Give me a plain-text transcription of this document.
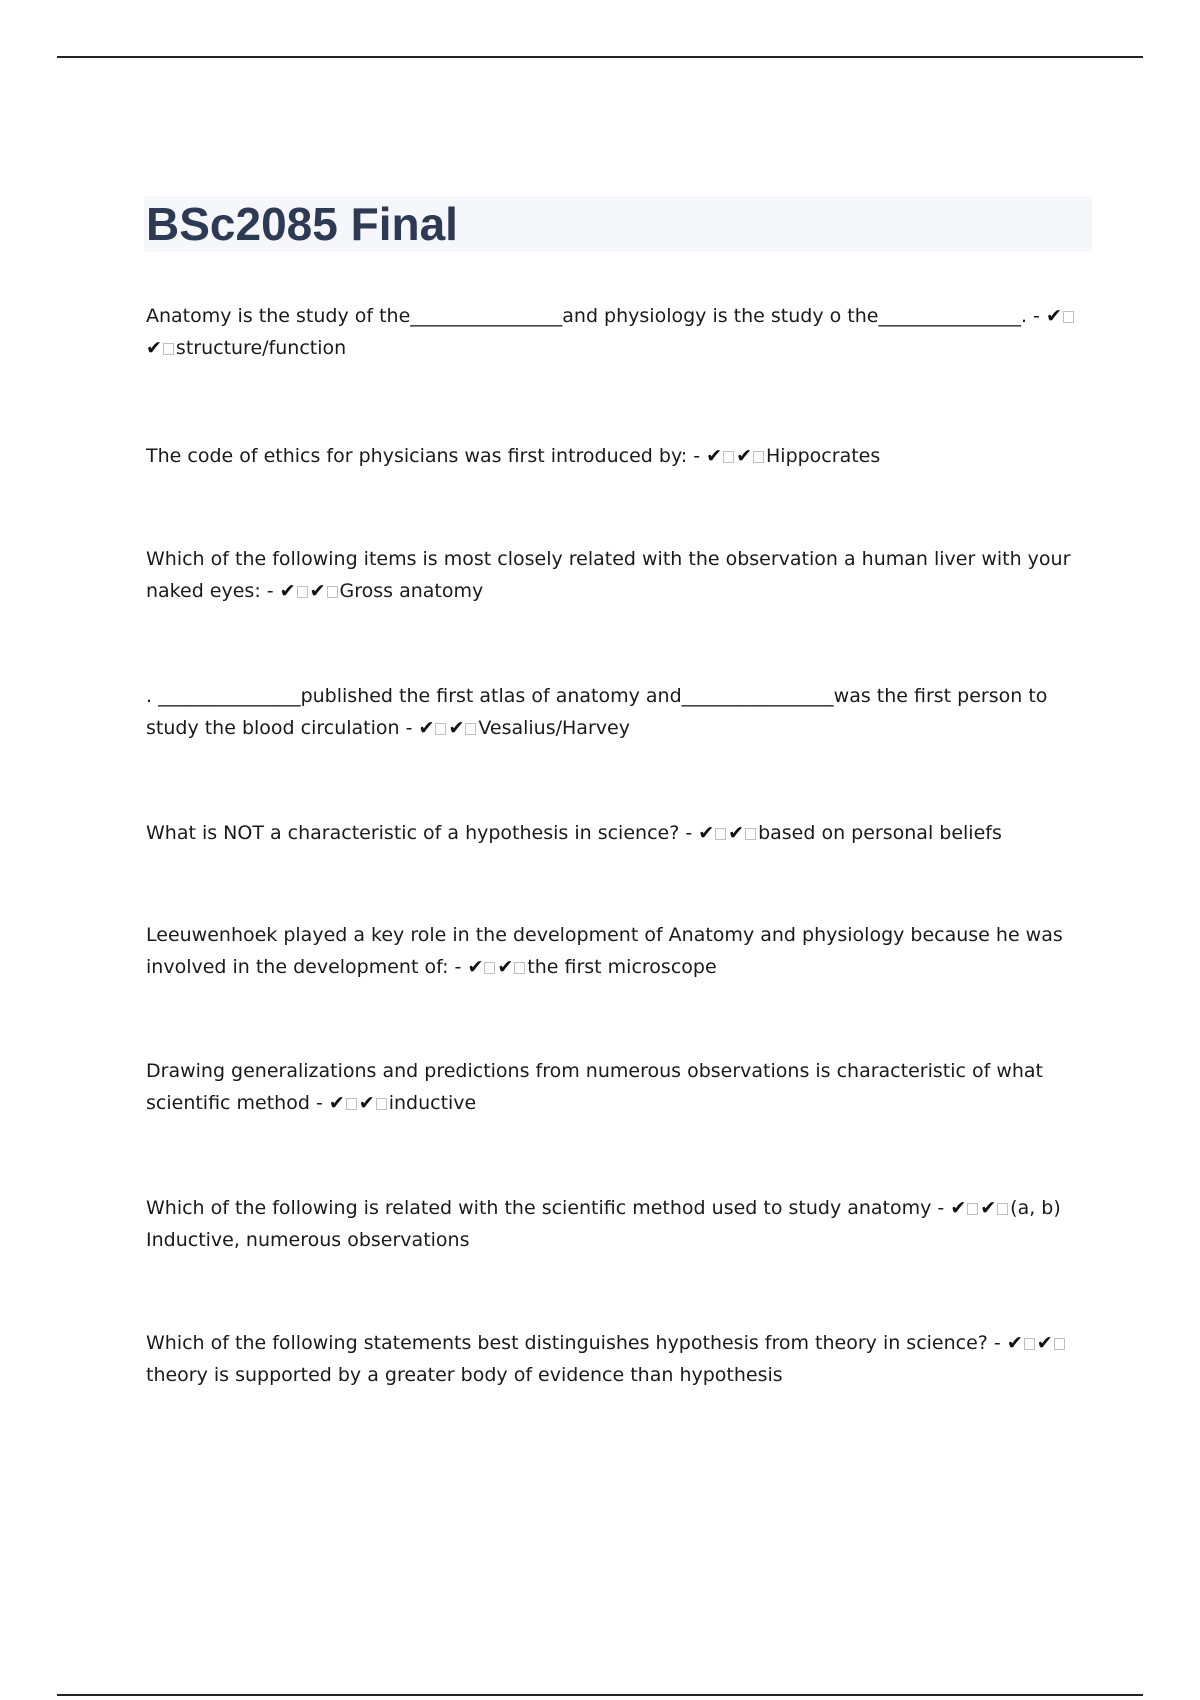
BSc2085 Final
Anatomy is the study of the________________and physiology is the study o the_______________. - ✔✔ structure/function
The code of ethics for physicians was first introduced by: - ✔ ✔ Hippocrates
Which of the following items is most closely related with the observation a human liver with your naked eyes: - ✔ ✔ Gross anatomy
. _______________published the first atlas of anatomy and________________was the first person to study the blood circulation - ✔ ✔ Vesalius/Harvey
What is NOT a characteristic of a hypothesis in science? - ✔ ✔ based on personal beliefs
Leeuwenhoek played a key role in the development of Anatomy and physiology because he was involved in the development of: - ✔ ✔ the first microscope
Drawing generalizations and predictions from numerous observations is characteristic of what scientific method - ✔ ✔ inductive
Which of the following is related with the scientific method used to study anatomy - ✔ ✔ (a, b) Inductive, numerous observations
Which of the following statements best distinguishes hypothesis from theory in science? - ✔ ✔theory is supported by a greater body of evidence than hypothesis
